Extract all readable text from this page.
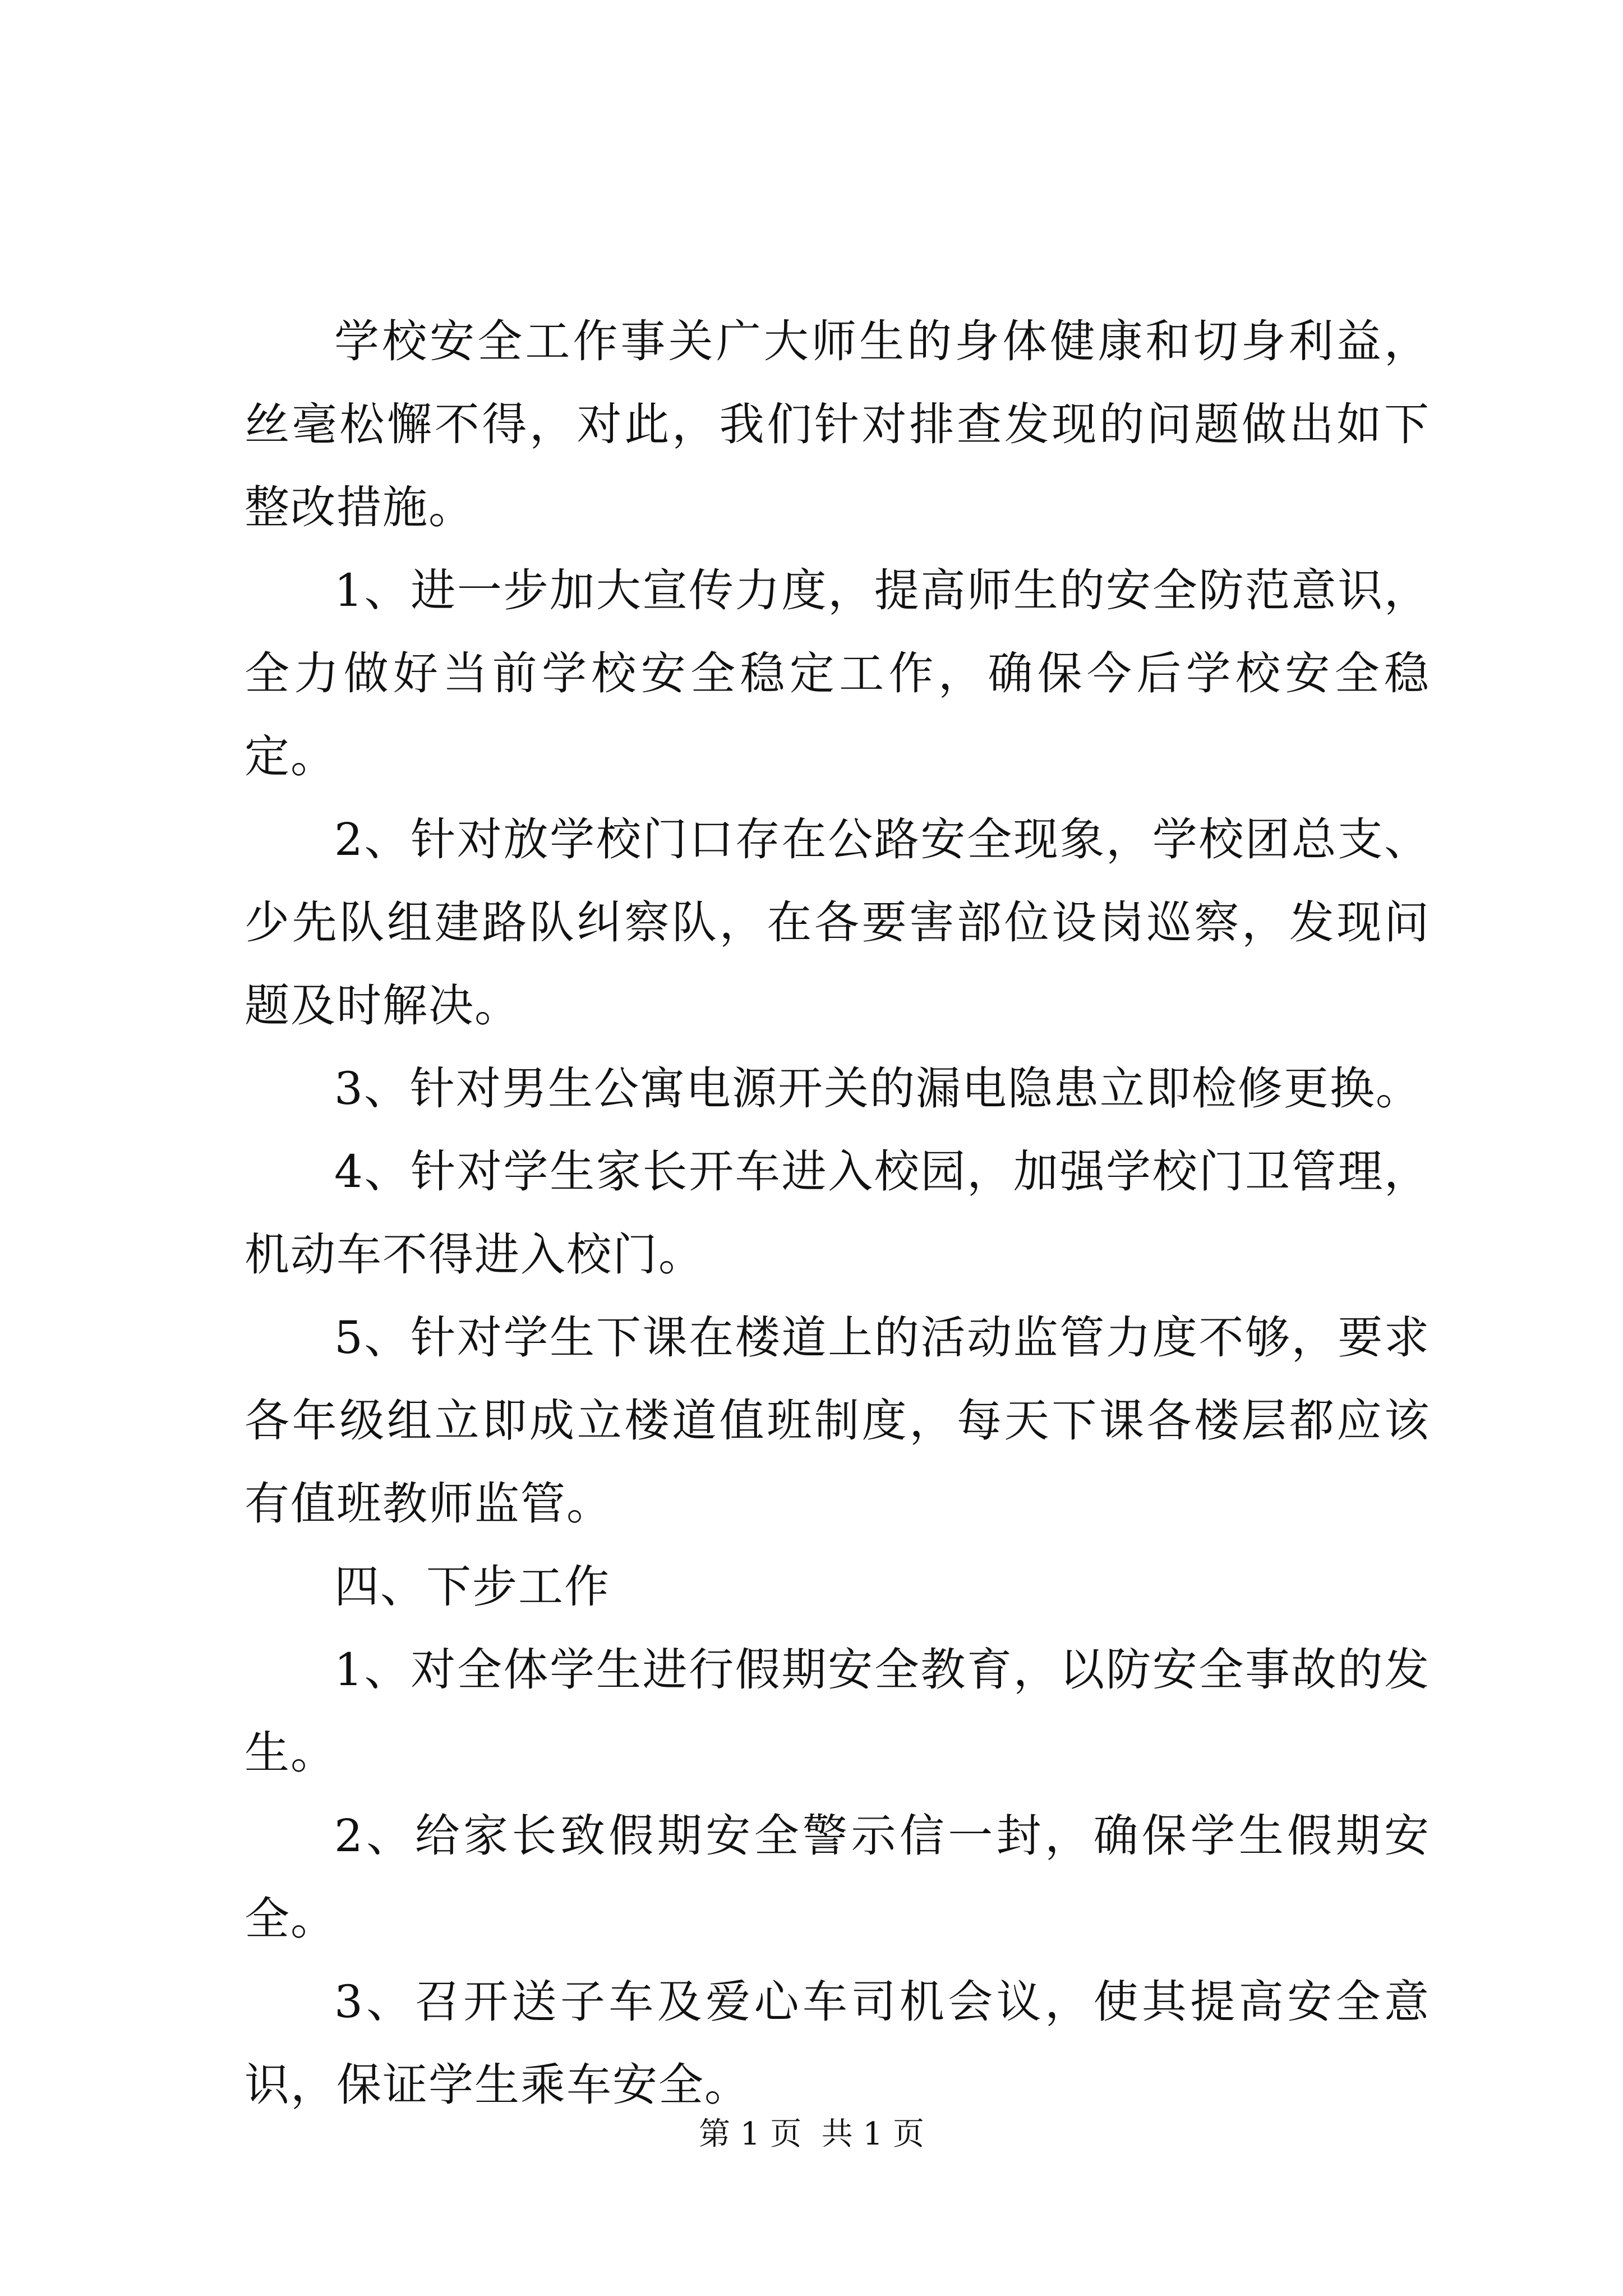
学校安全工作事关广大师生的身体健康和切身利益，丝毫松懈不得，对此，我们针对排查发现的问题做出如下整改措施。

1、进一步加大宣传力度，提高师生的安全防范意识，全力做好当前学校安全稳定工作，确保今后学校安全稳定。

2、针对放学校门口存在公路安全现象，学校团总支、少先队组建路队纠察队，在各要害部位设岗巡察，发现问题及时解决。

3、针对男生公寓电源开关的漏电隐患立即检修更换。

4、针对学生家长开车进入校园，加强学校门卫管理，机动车不得进入校门。

5、针对学生下课在楼道上的活动监管力度不够，要求各年级组立即成立楼道值班制度，每天下课各楼层都应该有值班教师监管。

四、下步工作

1、对全体学生进行假期安全教育，以防安全事故的发生。

2、给家长致假期安全警示信一封，确保学生假期安全。

3、召开送子车及爱心车司机会议，使其提高安全意识，保证学生乘车安全。

第 1 页  共 1 页
